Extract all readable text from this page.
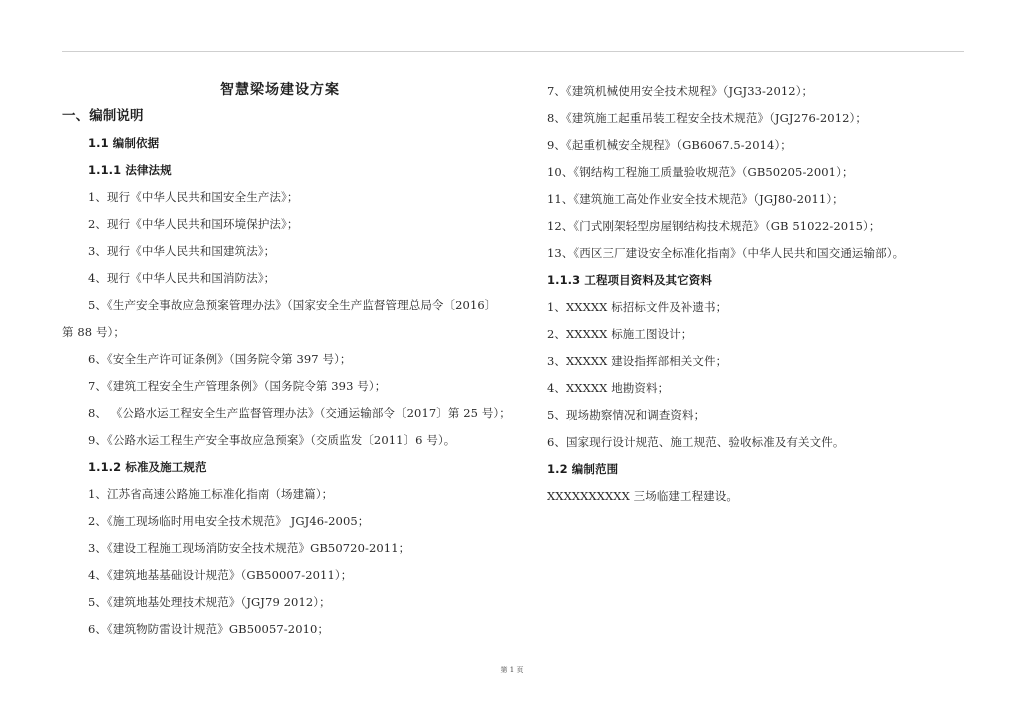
智慧梁场建设方案
一、编制说明
1.1 编制依据
1.1.1 法律法规
1、现行《中华人民共和国安全生产法》；
2、现行《中华人民共和国环境保护法》；
3、现行《中华人民共和国建筑法》；
4、现行《中华人民共和国消防法》；
5、《生产安全事故应急预案管理办法》（国家安全生产监督管理总局令〔2016〕
第 88 号）；
6、《安全生产许可证条例》（国务院令第 397 号）；
7、《建筑工程安全生产管理条例》（国务院令第 393 号）；
8、 《公路水运工程安全生产监督管理办法》（交通运输部令〔2017〕第 25 号）；
9、《公路水运工程生产安全事故应急预案》（交质监发〔2011〕6 号）。
1.1.2 标准及施工规范
1、江苏省高速公路施工标准化指南（场建篇）；
2、《施工现场临时用电安全技术规范》 JGJ46-2005；
3、《建设工程施工现场消防安全技术规范》GB50720-2011；
4、《建筑地基基础设计规范》（GB50007-2011）；
5、《建筑地基处理技术规范》（JGJ79 2012）；
6、《建筑物防雷设计规范》GB50057-2010；
7、《建筑机械使用安全技术规程》（JGJ33-2012）；
8、《建筑施工起重吊装工程安全技术规范》（JGJ276-2012）；
9、《起重机械安全规程》（GB6067.5-2014）；
10、《钢结构工程施工质量验收规范》（GB50205-2001）；
11、《建筑施工高处作业安全技术规范》（JGJ80-2011）；
12、《门式刚架轻型房屋钢结构技术规范》（GB 51022-2015）；
13、《西区三厂建设安全标准化指南》（中华人民共和国交通运输部）。
1.1.3 工程项目资料及其它资料
1、XXXXX 标招标文件及补遗书；
2、XXXXX 标施工图设计；
3、XXXXX 建设指挥部相关文件；
4、XXXXX 地勘资料；
5、现场勘察情况和调查资料；
6、国家现行设计规范、施工规范、验收标准及有关文件。
1.2 编制范围
XXXXXXXXXX 三场临建工程建设。
第 1 页
